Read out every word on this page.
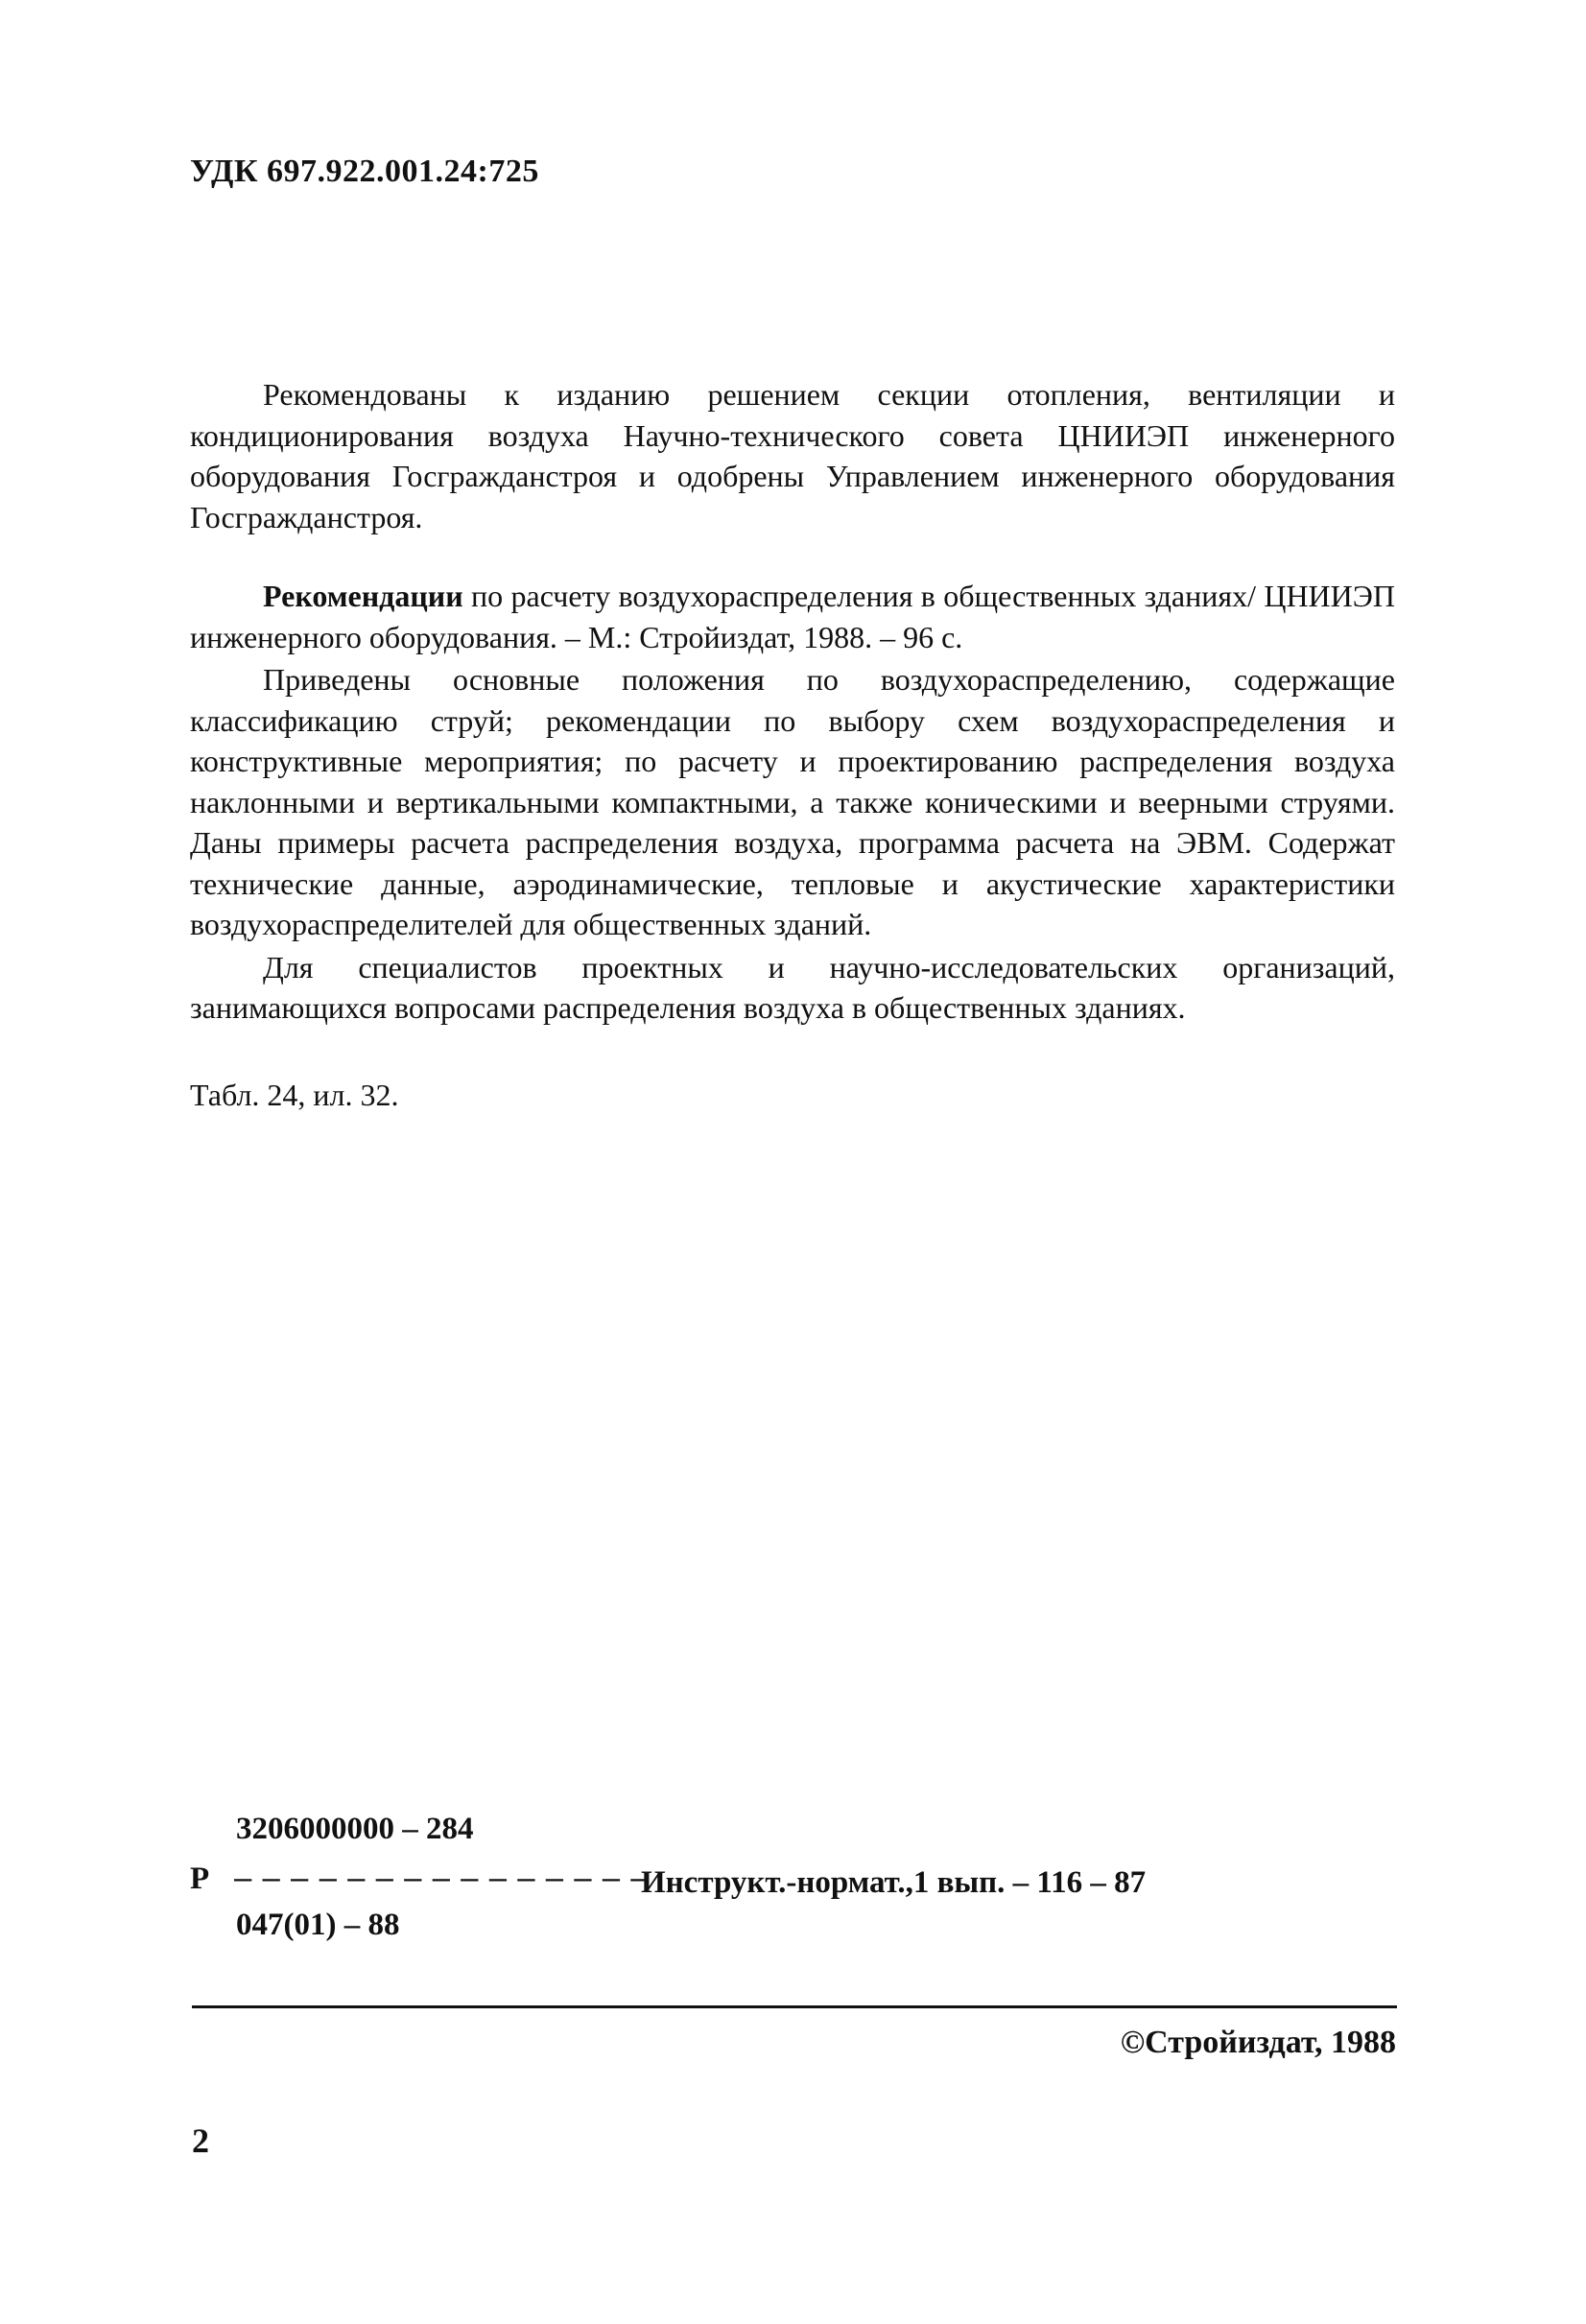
УДК 697.922.001.24:725

Рекомендованы к изданию решением секции отопления, вентиляции и кондиционирования воздуха Научно-технического совета ЦНИИЭП инженерного оборудования Госгражданстроя и одобрены Управлением инженерного оборудования Госгражданстроя.

Рекомендации по расчету воздухораспределения в общественных зданиях/ ЦНИИЭП инженерного оборудования. – М.: Стройиздат, 1988. – 96 с.

Приведены основные положения по воздухораспределению, содержащие классификацию струй; рекомендации по выбору схем воздухораспределения и конструктивные мероприятия; по расчету и проектированию распределения воздуха наклонными и вертикальными компактными, а также коническими и веерными струями. Даны примеры расчета распределения воздуха, программа расчета на ЭВМ. Содержат технические данные, аэродинамические, тепловые и акустические характеристики воздухораспределителей для общественных зданий.

Для специалистов проектных и научно-исследовательских организаций, занимающихся вопросами распределения воздуха в общественных зданиях.

Табл. 24, ил. 32.
3206000000 – 284
Р – – – – – – – – – – – – – – –
Инструкт.-нормат.,1 вып. – 116 – 87
047(01) – 88
©Стройиздат, 1988
2
